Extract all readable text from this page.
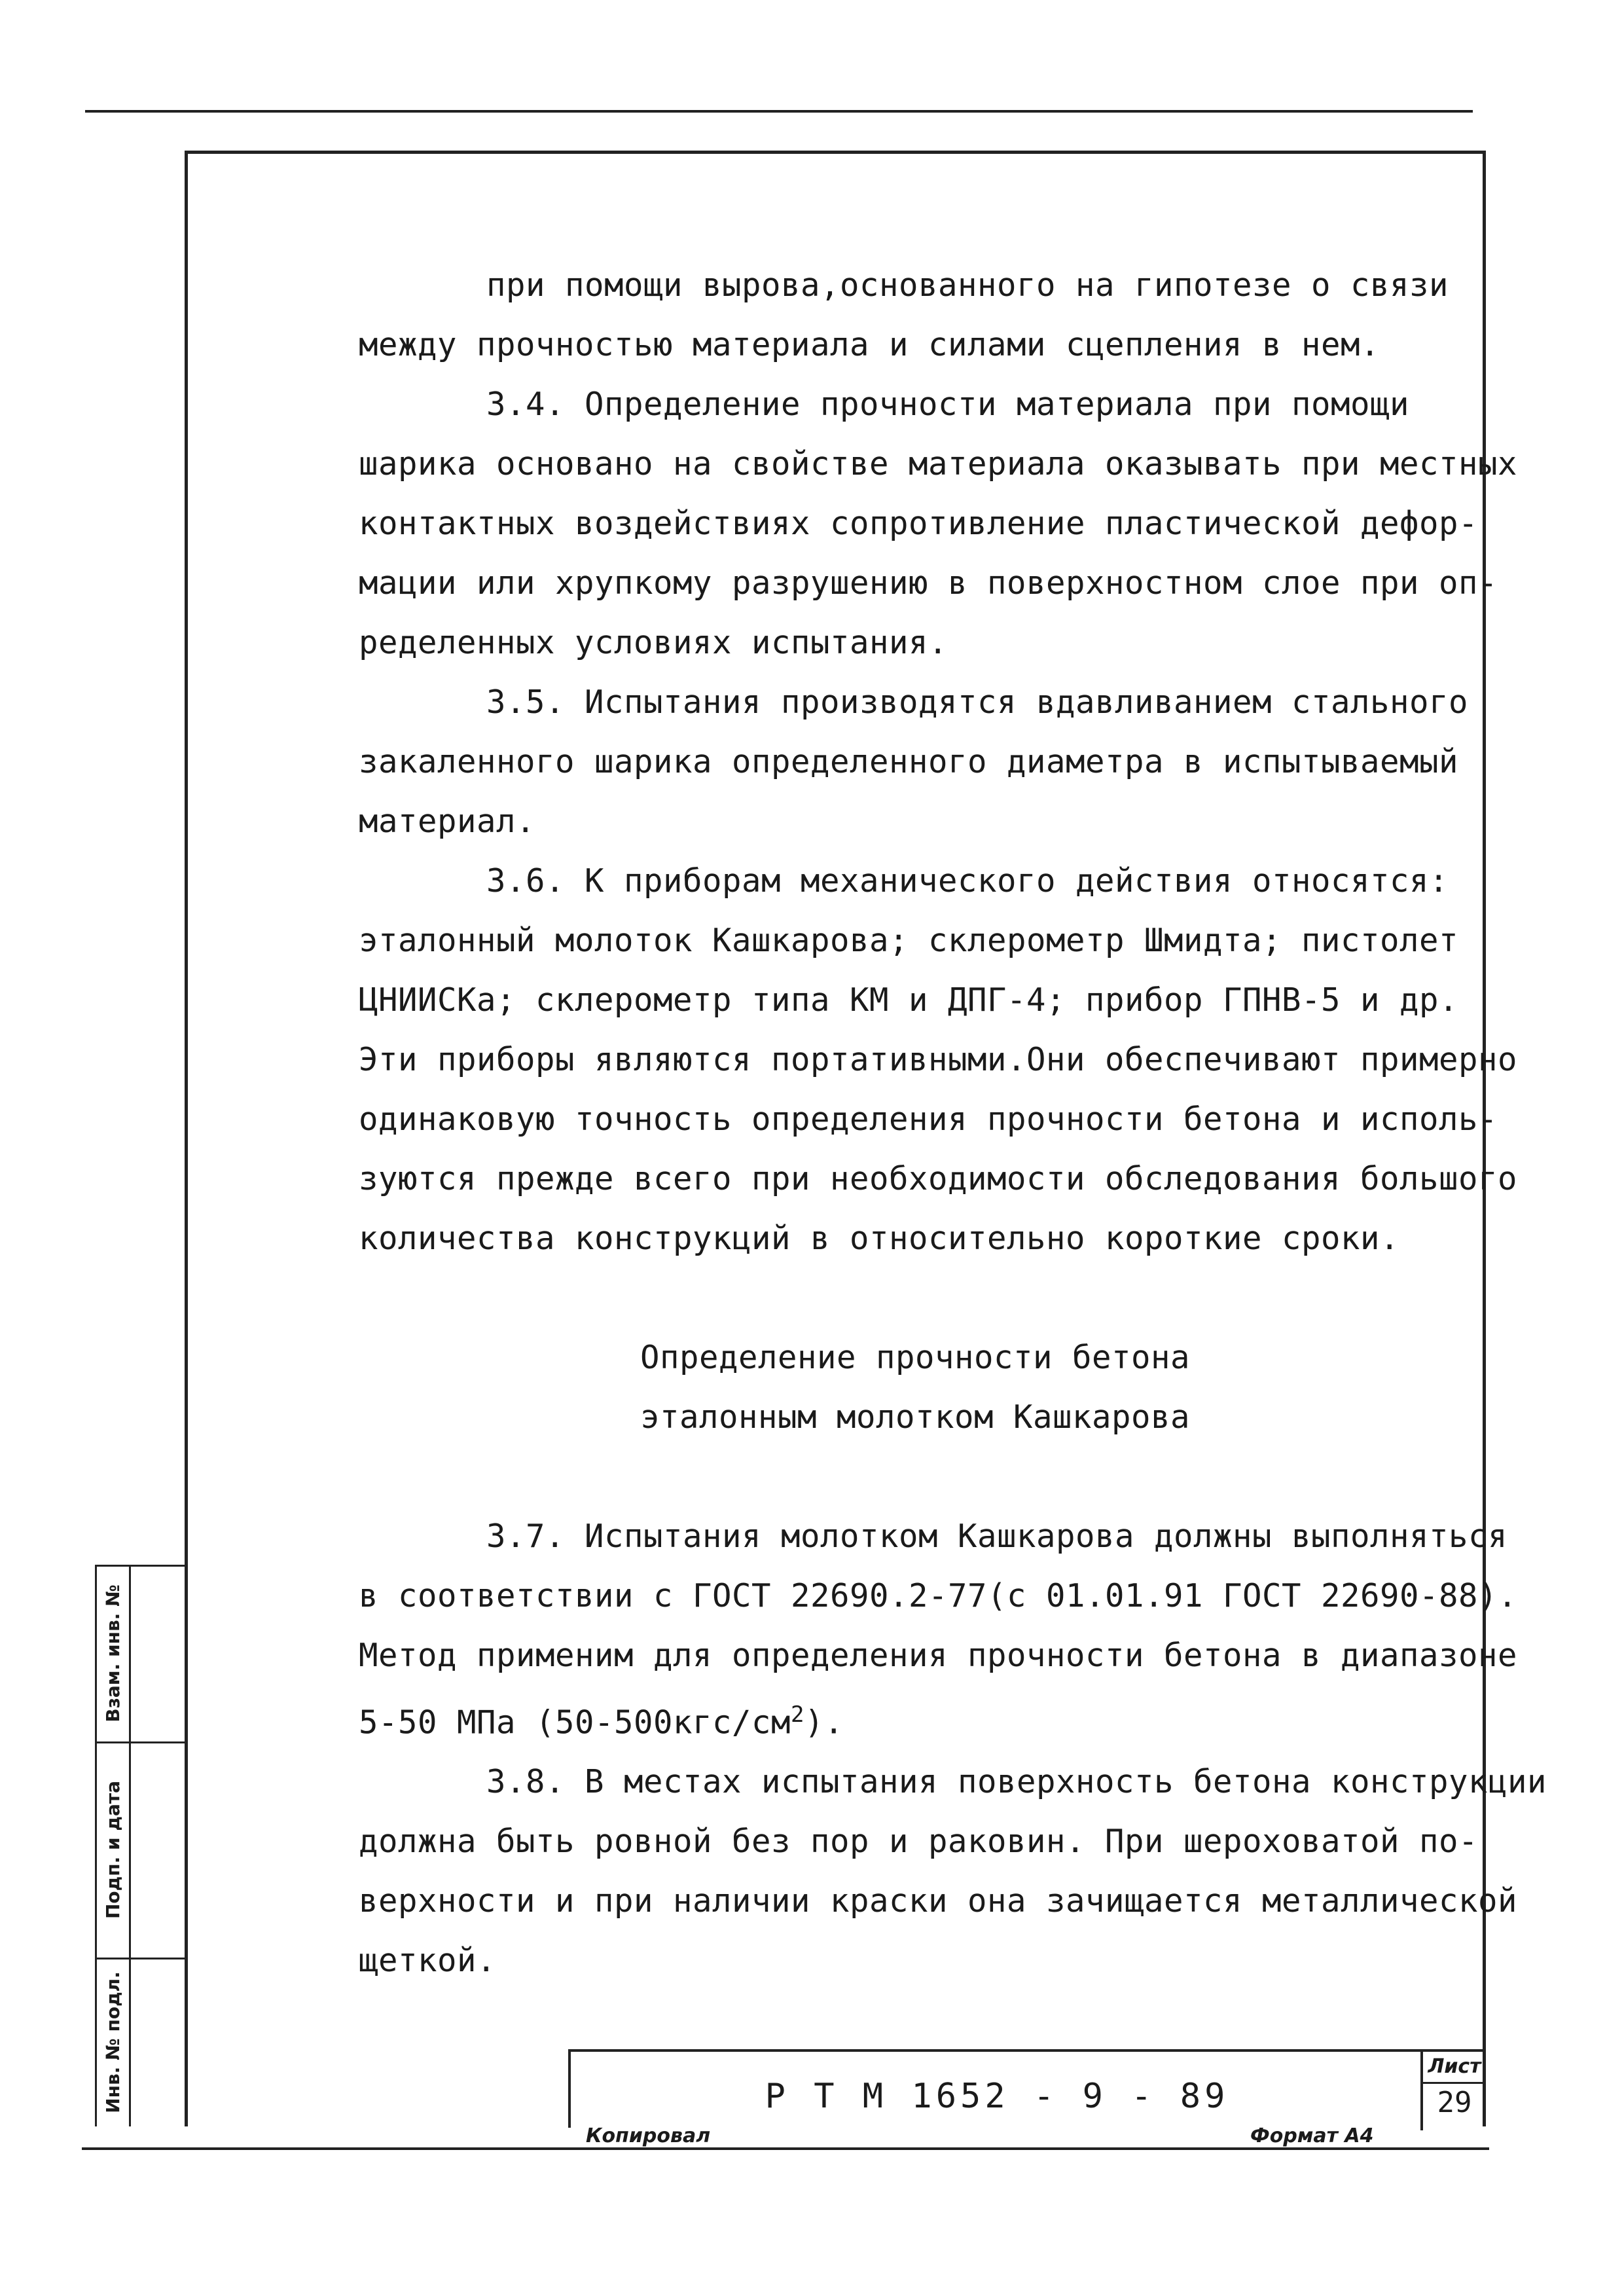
при помощи вырова,основанного на гипотезе о связи

между прочностью материала и силами сцепления в нем.

3.4. Определение прочности материала при помощи

шарика основано на свойстве материала оказывать при местных

контактных воздействиях сопротивление пластической дефор-

мации или хрупкому разрушению в поверхностном слое при оп-

ределенных условиях испытания.

3.5. Испытания производятся вдавливанием стального

закаленного шарика определенного диаметра в испытываемый

материал.

3.6. К приборам механического действия относятся:

эталонный молоток Кашкарова; склерометр Шмидта; пистолет

ЦНИИСКа; склерометр типа КМ и ДПГ-4; прибор ГПНВ-5 и др.

Эти приборы являются портативными.Они обеспечивают примерно

одинаковую точность определения прочности бетона и исполь-

зуются прежде всего при необходимости обследования большого

количества конструкций в относительно короткие сроки.

Определение прочности бетона

эталонным молотком Кашкарова

3.7. Испытания молотком Кашкарова должны выполняться

в соответствии с ГОСТ 22690.2-77(с 01.01.91 ГОСТ 22690-88).

Метод применим для определения прочности бетона в диапазоне

5-50 МПа $(50-500кгс/см^2)$.

3.8. В местах испытания поверхность бетона конструкции

должна быть ровной без пор и раковин. При шероховатой по-

верхности и при наличии краски она зачищается металлической

щеткой.

Взам. инв. №
Подп. и дата
Инв. № подл.	Р Т М 1652 - 9 - 89
Лист
29
Копировал	Формат А4
